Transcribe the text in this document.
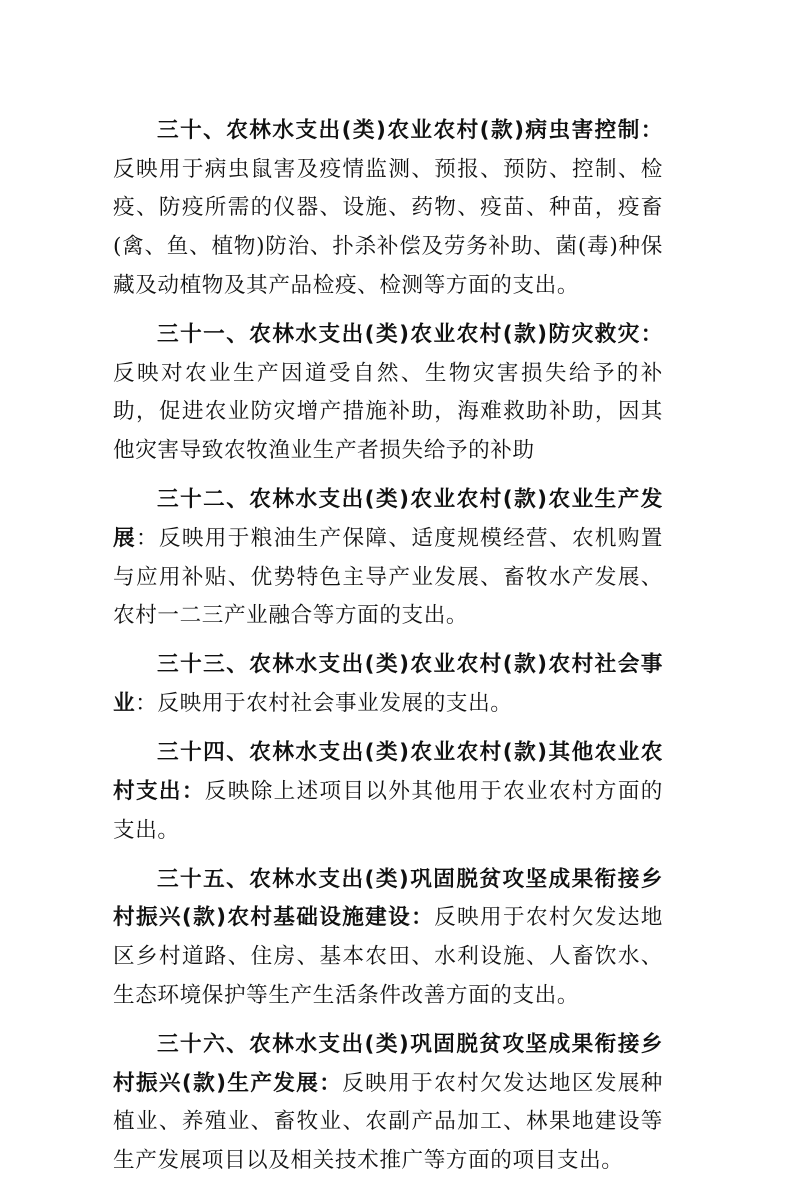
三十、农林水支出(类)农业农村(款)病虫害控制：反映用于病虫鼠害及疫情监测、预报、预防、控制、检疫、防疫所需的仪器、设施、药物、疫苗、种苗，疫畜(禽、鱼、植物)防治、扑杀补偿及劳务补助、菌(毒)种保藏及动植物及其产品检疫、检测等方面的支出。

三十一、农林水支出(类)农业农村(款)防灾救灾：反映对农业生产因道受自然、生物灾害损失给予的补助，促进农业防灾增产措施补助，海难救助补助，因其他灾害导致农牧渔业生产者损失给予的补助

三十二、农林水支出(类)农业农村(款)农业生产发展：反映用于粮油生产保障、适度规模经营、农机购置与应用补贴、优势特色主导产业发展、畜牧水产发展、农村一二三产业融合等方面的支出。

三十三、农林水支出(类)农业农村(款)农村社会事业：反映用于农村社会事业发展的支出。

三十四、农林水支出(类)农业农村(款)其他农业农村支出：反映除上述项目以外其他用于农业农村方面的支出。

三十五、农林水支出(类)巩固脱贫攻坚成果衔接乡村振兴(款)农村基础设施建设：反映用于农村欠发达地区乡村道路、住房、基本农田、水利设施、人畜饮水、生态环境保护等生产生活条件改善方面的支出。

三十六、农林水支出(类)巩固脱贫攻坚成果衔接乡村振兴(款)生产发展：反映用于农村欠发达地区发展种植业、养殖业、畜牧业、农副产品加工、林果地建设等生产发展项目以及相关技术推广等方面的项目支出。
